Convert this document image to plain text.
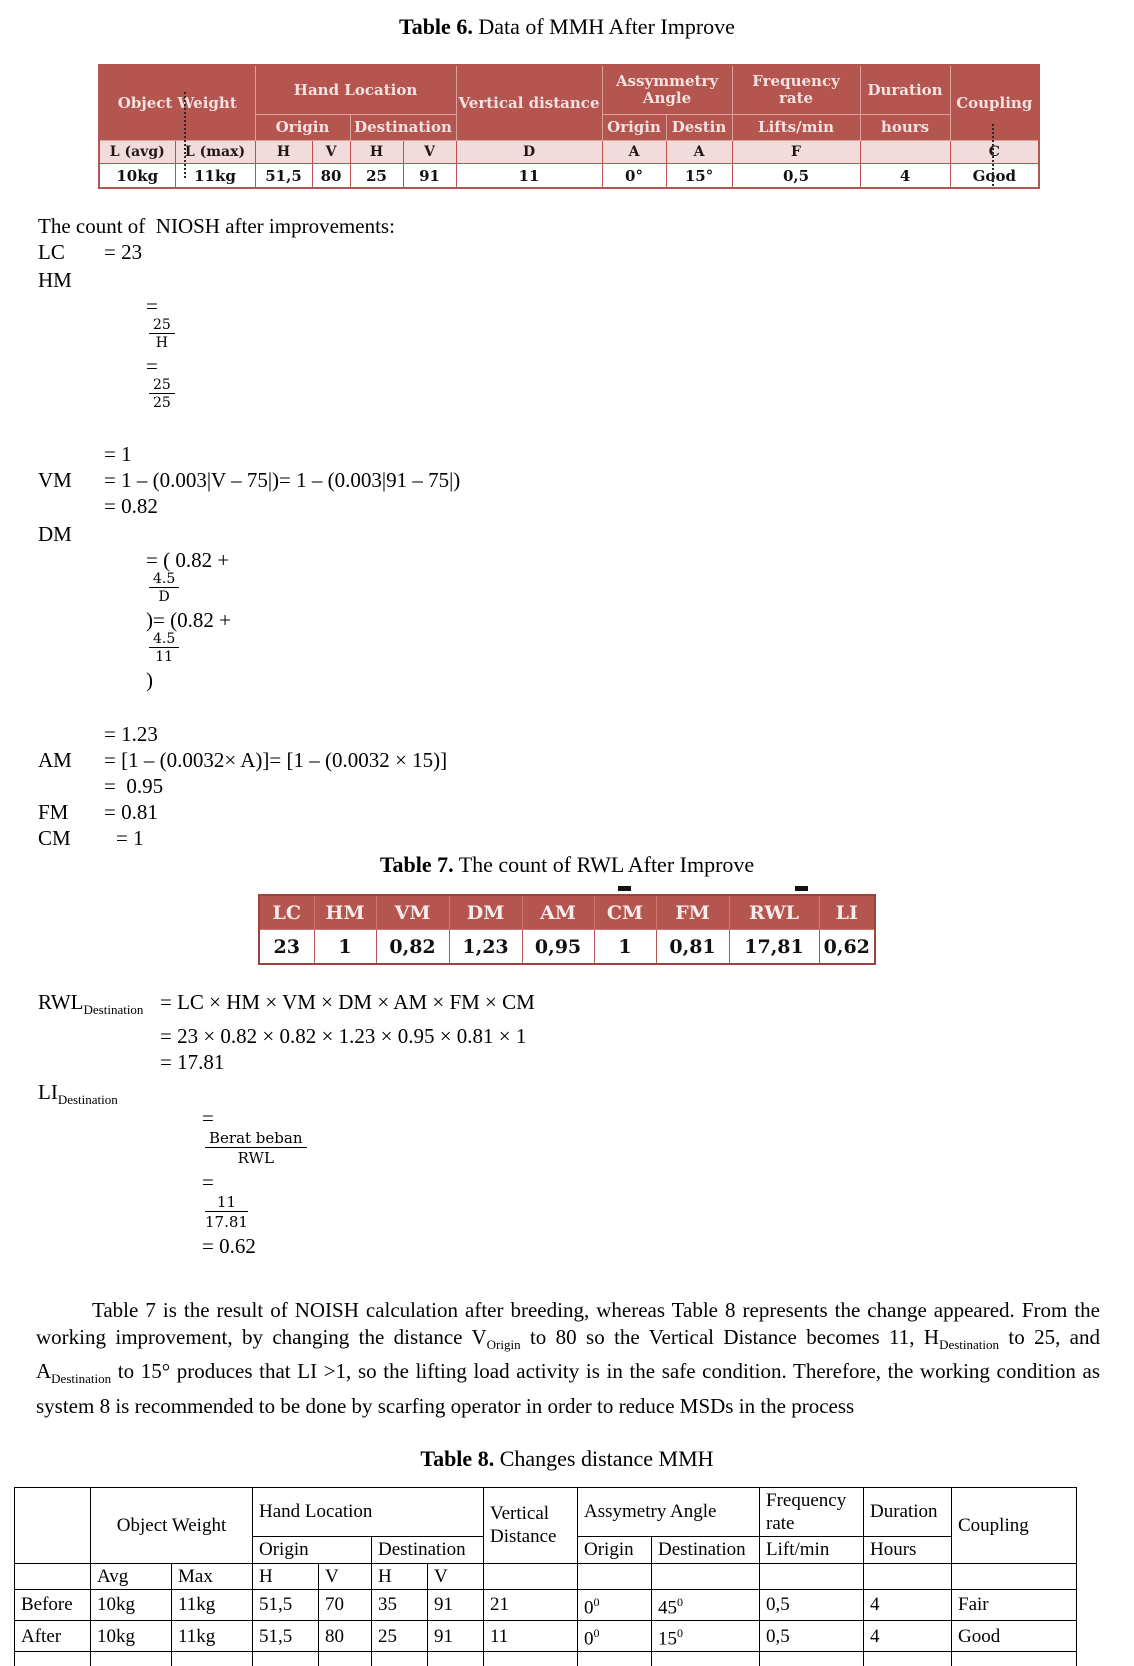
Table 6. Data of MMH After Improve
Object Weight		Hand Location				Vertical distance	Assymmetry Angle		Frequency rate	Duration	Coupling
		Origin		Destination			Origin	Destin	Lifts/min	hours	
L (avg)	L (max)	H	V	H	V	D	A	A	F		C
10kg	11kg	51,5	80	25	91	11	0°	15°	0,5	4	Good
The count of  NIOSH after improvements:
LC	= 23
HM

=

$\frac{25}{H}$

=

$\frac{25}{25}$

= 1
VM	= 1 – (0.003|V – 75|)= 1 – (0.003|91 – 75|)
= 0.82
DM

= ( 0.82 +

$\frac{4.5}{D}$

)= (0.82 +

$\frac{4.5}{11}$

)

= 1.23
AM	= [1 – (0.0032× A)]= [1 – (0.0032 × 15)]
=  0.95
FM	= 0.81
CM	= 1
Table 7. The count of RWL After Improve
LC	HM	VM	DM	AM	CM	FM	RWL	LI
23	1	0,82	1,23	0,95	1	0,81	17,81	0,62
$RWL_{Destination}$ = LC × HM × VM × DM × AM × FM × CM
= 23 × 0.82 × 0.82 × 1.23 × 0.95 × 0.81 × 1
= 17.81
$LI_{Destination}$

=

$\frac{\text{Berat beban}}{\text{RWL}}$

=

$\frac{11}{17.81}$

= 0.62

Table 7 is the result of NOISH calculation after breeding, whereas Table 8 represents the change appeared. From the working improvement, by changing the distance $V_{Origin}$ to 80 so the Vertical Distance becomes 11, $H_{Destination}$ to 25, and $A_{Destination}$ to 15° produces that LI >1, so the lifting load activity is in the safe condition. Therefore, the working condition as system 8 is recommended to be done by scarfing operator in order to reduce MSDs in the process
Table 8. Changes distance MMH
	Object Weight		Hand Location				Vertical Distance	Assymetry Angle		Frequency rate	Duration	Coupling
			Origin		Destination			Origin	Destination	Lift/min	Hours	
	Avg	Max	H	V	H	V						
Before	10kg	11kg	51,5	70	35	91	21	$0^0$	$45^0$	0,5	4	Fair
After	10kg	11kg	51,5	80	25	91	11	$0^0$	$15^0$	0,5	4	Good
